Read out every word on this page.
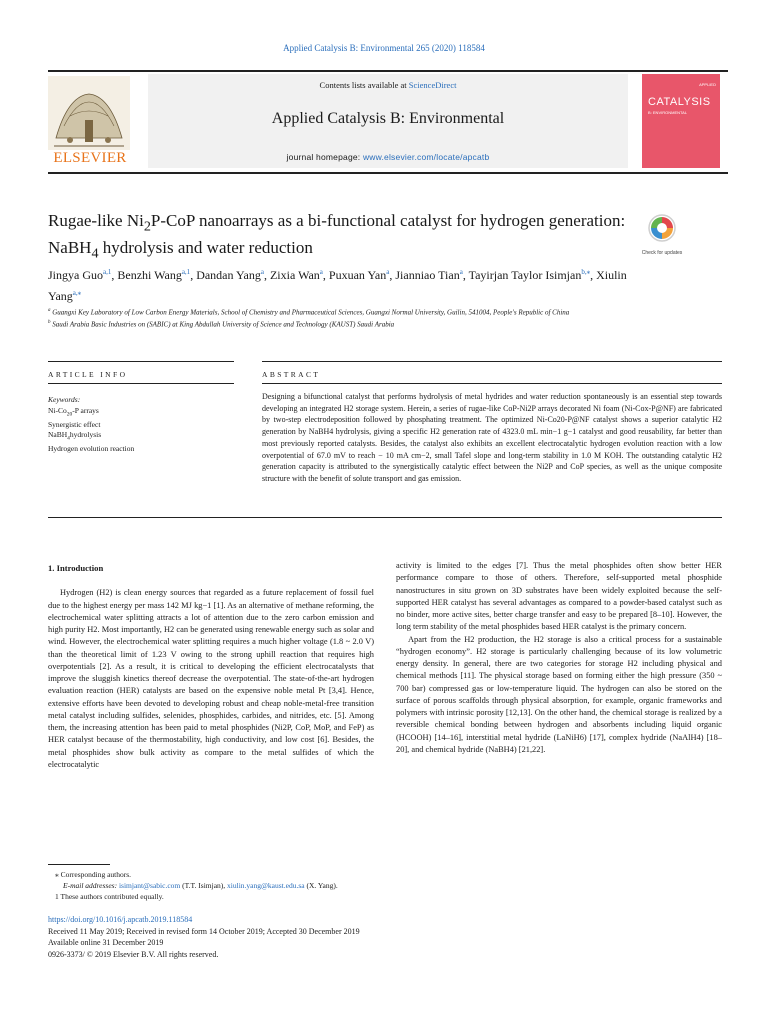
Applied Catalysis B: Environmental 265 (2020) 118584
ELSEVIER
Contents lists available at ScienceDirect
Applied Catalysis B: Environmental
journal homepage: www.elsevier.com/locate/apcatb
APPLIED
CATALYSIS
B: ENVIRONMENTAL
Rugae-like $Ni_2P$-CoP nanoarrays as a bi-functional catalyst for hydrogen generation: NaBH$_4$ hydrolysis and water reduction	Check for updates
Jingya Guo$^{a,1}$, Benzhi Wang$^{a,1}$, Dandan Yang$^a$, Zixia Wan$^a$, Puxuan Yan$^a$, Jianniao Tian$^a$, Tayirjan Taylor Isimjan$^{b,⁎}$, Xiulin Yang$^{a,⁎}$
$^a$ Guangxi Key Laboratory of Low Carbon Energy Materials, School of Chemistry and Pharmaceutical Sciences, Guangxi Normal University, Guilin, 541004, People's Republic of China
$^b$ Saudi Arabia Basic Industries on (SABIC) at King Abdullah University of Science and Technology (KAUST) Saudi Arabia
ARTICLE INFO	ABSTRACT
Keywords:
$Ni-Co_{20}-P$ arrays
Synergistic effect
NaBH$_4$hydrolysis
Hydrogen evolution reaction
Designing a bifunctional catalyst that performs hydrolysis of metal hydrides and water reduction spontaneously is an essential step towards developing an integrated H2 storage system. Herein, a series of rugae-like CoP-Ni2P arrays decorated Ni foam (Ni-Cox-P@NF) are fabricated by two-step electrodeposition followed by phosphating treatment. The optimized Ni-Co20-P@NF catalyst shows a superior catalytic H2 generation by NaBH4 hydrolysis, giving a specific H2 generation rate of 4323.0 mL min−1 g−1 catalyst and good reusability, far better than most previously reported catalysts. Besides, the catalyst also exhibits an excellent electrocatalytic hydrogen evolution reaction with a low overpotential of 67.0 mV to reach − 10 mA cm−2, small Tafel slope and long-term stability in 1.0 M KOH. The outstanding catalytic H2 generation capacity is attributed to the synergistically catalytic effect between the Ni2P and CoP species, as well as the unique composite structure with the benefit of solute transport and gas emission.
1. Introduction

Hydrogen (H2) is clean energy sources that regarded as a future replacement of fossil fuel due to the highest energy per mass 142 MJ kg−1 [1]. As an alternative of methane reforming, the electrochemical water splitting attracts a lot of attention due to the zero carbon emission and high purity H2. Most importantly, H2 can be generated using renewable energy such as solar and wind. However, the electrochemical water splitting requires a much higher voltage (1.8 ~ 2.0 V) than the theoretical limit of 1.23 V owing to the strong uphill reaction that requires high overpotentials [2]. As a result, it is critical to developing the efficient electrocatalysts that improve the sluggish kinetics thereof decrease the overpotential. The state-of-the-art hydrogen evaluation reaction (HER) catalysts are based on the expensive noble metal Pt [3,4]. Hence, extensive efforts have been devoted to developing robust and cheap noble-metal-free transition metal catalyst including sulfides, selenides, phosphides, carbides, and nitrides, etc. [5]. Among them, the increasing attention has been paid to metal phosphides (Ni2P, CoP, MoP, and FeP) as HER catalyst because of the thermostability, high conductivity, and low cost [6]. Besides, the metal phosphides show bulk activity as compare to the metal sulfides of which the electrocatalytic

activity is limited to the edges [7]. Thus the metal phosphides often show better HER performance compare to those of others. Therefore, self-supported metal phosphide nanostructures in situ grown on 3D substrates have been widely exploited because the self-supported HER catalyst has several advantages as compared to a powder-based catalyst such as no binder, more active sites, better charge transfer and easy to be prepared [8–10]. However, the long term stability of the metal phosphides based HER catalyst is the primary concern.

Apart from the H2 production, the H2 storage is also a critical process for a sustainable “hydrogen economy”. H2 storage is particularly challenging because of its low volumetric energy density. In general, there are two categories for storage H2 including physical and chemical methods [11]. The physical storage based on forming either the high pressure (350 ~ 700 bar) compressed gas or low-temperature liquid. The hydrogen can also be stored on the surface of porous scaffolds through physical absorption, for example, organic frameworks and polymers with intrinsic porosity [12,13]. On the other hand, the chemical storage is realized by a reversible chemical bonding between hydrogen and absorbents including liquid organic (HCOOH) [14–16], interstitial metal hydride (LaNiH6) [17], complex hydride (NaAlH4) [18–20], and chemical hydride (NaBH4) [21,22].

⁎ Corresponding authors.
E-mail addresses: isimjant@sabic.com (T.T. Isimjan), xiulin.yang@kaust.edu.sa (X. Yang).
1 These authors contributed equally.
https://doi.org/10.1016/j.apcatb.2019.118584
Received 11 May 2019; Received in revised form 14 October 2019; Accepted 30 December 2019
Available online 31 December 2019
0926-3373/ © 2019 Elsevier B.V. All rights reserved.
